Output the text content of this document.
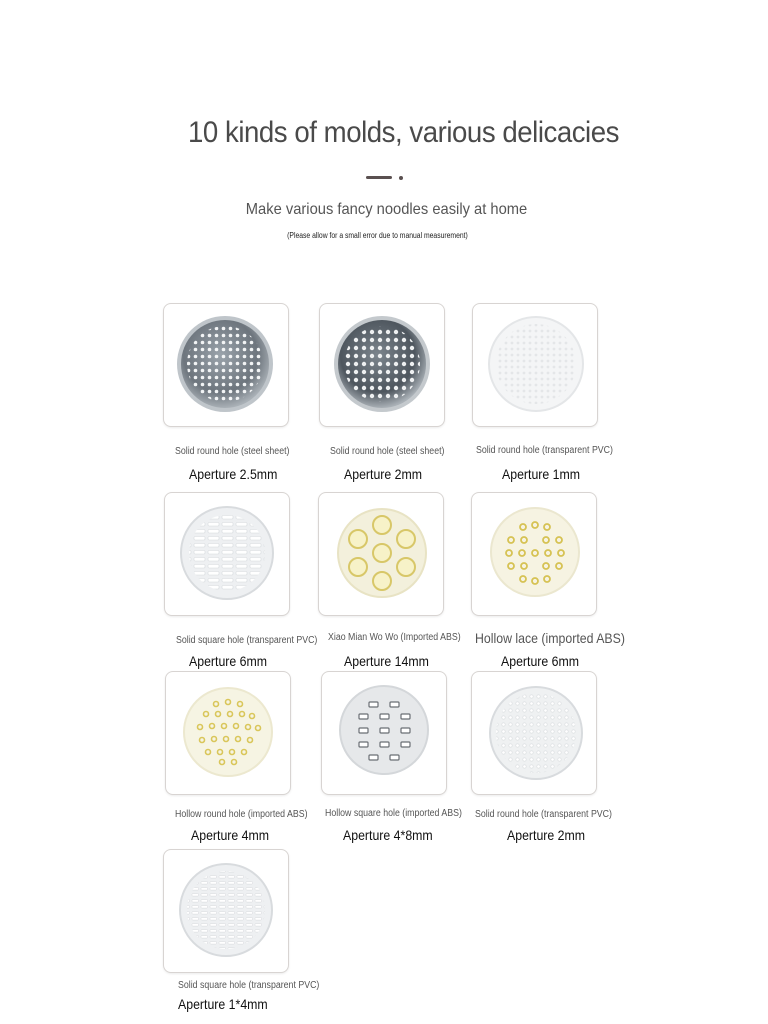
10 kinds of molds, various delicacies
Make various fancy noodles easily at home
(Please allow for a small error due to manual measurement)
Solid round hole (steel sheet)
Aperture 2.5mm
Solid round hole (steel sheet)
Aperture 2mm
Solid round hole (transparent PVC)
Aperture 1mm
Solid square hole (transparent PVC)
Aperture 6mm
Xiao Mian Wo Wo (Imported ABS)
Aperture 14mm
Hollow lace (imported ABS)
Aperture 6mm
Hollow round hole (imported ABS)
Aperture 4mm
Hollow square hole (imported ABS)
Aperture 4*8mm
Solid round hole (transparent PVC)
Aperture 2mm
Solid square hole (transparent PVC)
Aperture 1*4mm
